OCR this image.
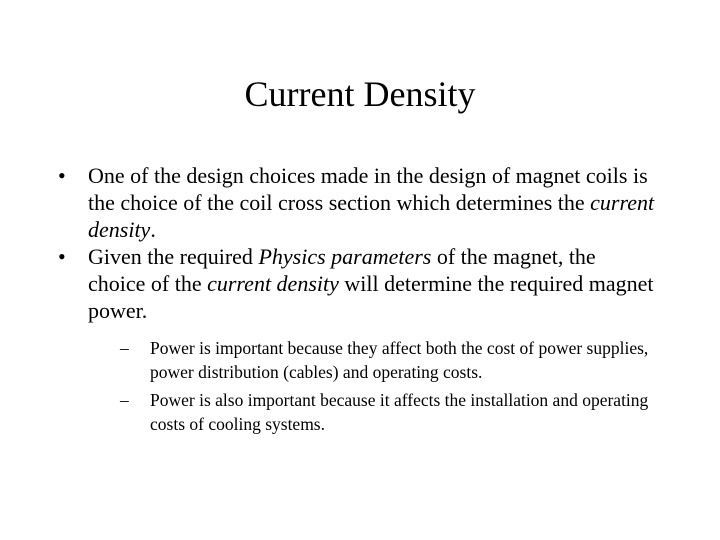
Current Density
•	One of the design choices made in the design of magnet coils is the choice of the coil cross section which determines the current density.
•	Given the required Physics parameters of the magnet, the choice of the current density will determine the required magnet power.
–	Power is important because they affect both the cost of power supplies, power distribution (cables) and operating costs.
–	Power is also important because it affects the installation and operating costs of cooling systems.
